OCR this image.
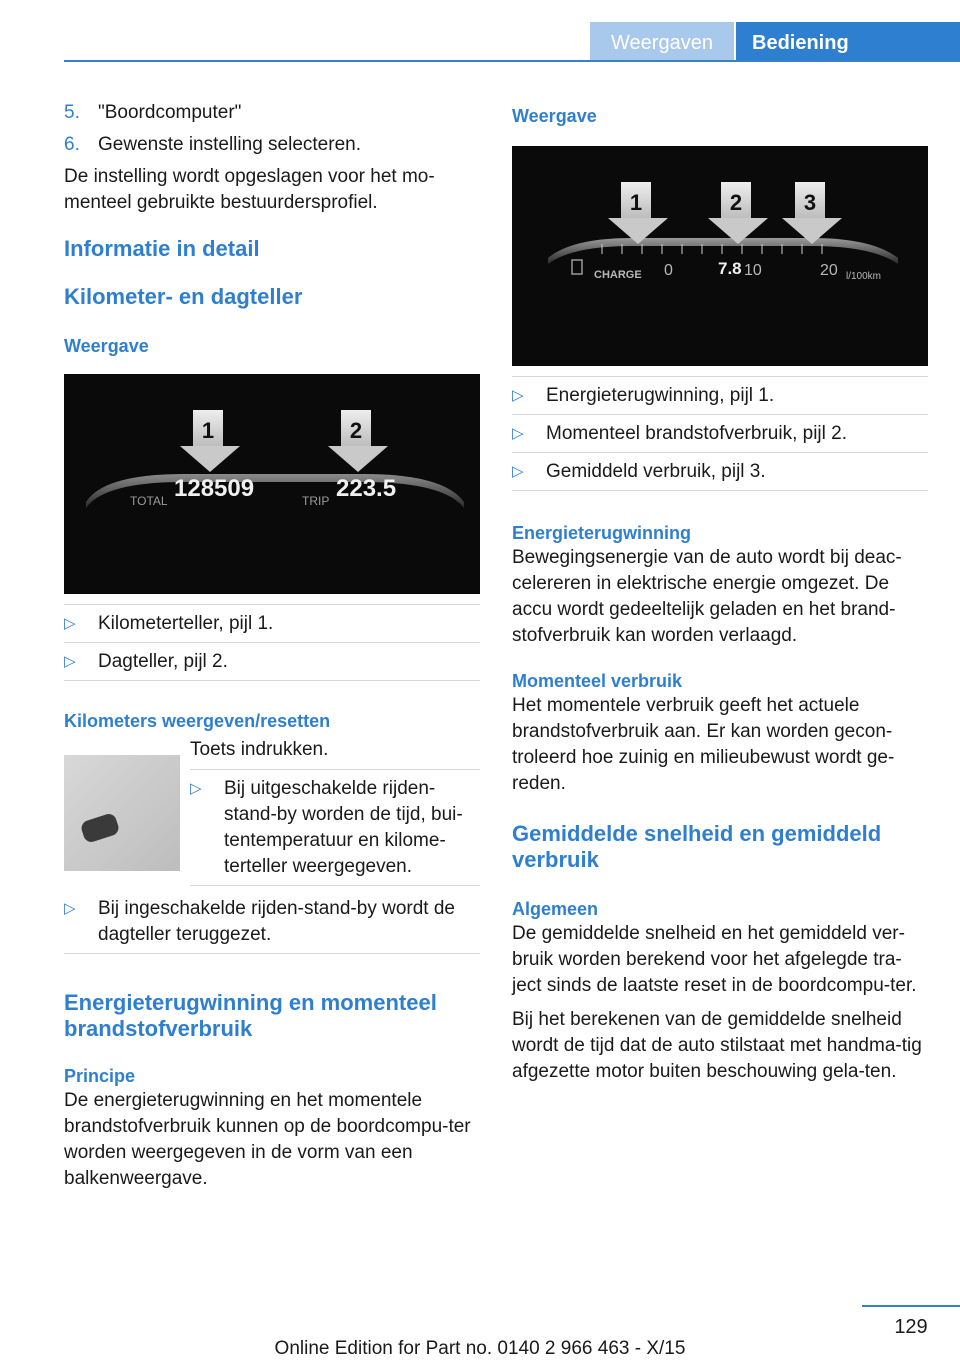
Weergaven	Bediening
5. "Boordcomputer"
6. Gewenste instelling selecteren.

De instelling wordt opgeslagen voor het mo-menteel gebruikte bestuurdersprofiel.

Informatie in detail

Kilometer- en dagteller

Weergave

1	2
TOTAL 128509	TRIP 223.5
▷	Kilometerteller, pijl 1.
▷	Dagteller, pijl 2.

Kilometers weergeven/resetten

Toets indrukken.

▷	Bij uitgeschakelde rijden-stand-by worden de tijd, bui-tentemperatuur en kilome-terteller weergegeven.
▷	Bij ingeschakelde rijden-stand-by wordt de dagteller teruggezet.

Energieterugwinning en momenteel brandstofverbruik

Principe

De energieterugwinning en het momentele brandstofverbruik kunnen op de boordcompu-ter worden weergegeven in de vorm van een balkenweergave.

Weergave

1	2	3
CHARGE 0	7.8 10	20 l/100km
▷	Energieterugwinning, pijl 1.
▷	Momenteel brandstofverbruik, pijl 2.
▷	Gemiddeld verbruik, pijl 3.

Energieterugwinning

Bewegingsenergie van de auto wordt bij deac-celereren in elektrische energie omgezet. De accu wordt gedeeltelijk geladen en het brand-stofverbruik kan worden verlaagd.

Momenteel verbruik

Het momentele verbruik geeft het actuele brandstofverbruik aan. Er kan worden gecon-troleerd hoe zuinig en milieubewust wordt ge-reden.

Gemiddelde snelheid en gemiddeld verbruik

Algemeen

De gemiddelde snelheid en het gemiddeld ver-bruik worden berekend voor het afgelegde tra-ject sinds de laatste reset in de boordcompu-ter.

Bij het berekenen van de gemiddelde snelheid wordt de tijd dat de auto stilstaat met handma-tig afgezette motor buiten beschouwing gela-ten.

129
Online Edition for Part no. 0140 2 966 463 - X/15
